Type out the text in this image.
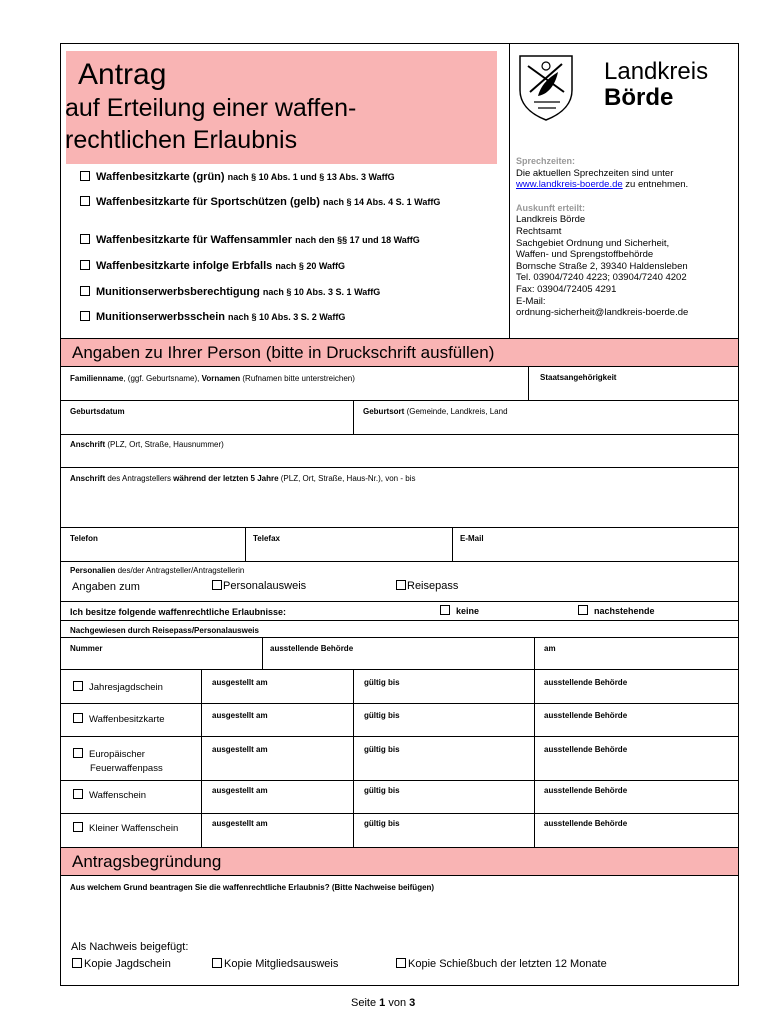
Antrag
auf Erteilung einer waffen-
rechtlichen Erlaubnis
Landkreis
Börde
Waffenbesitzkarte (grün) nach § 10 Abs. 1 und § 13 Abs. 3 WaffG
Waffenbesitzkarte für Sportschützen (gelb) nach § 14 Abs. 4 S. 1 WaffG
Waffenbesitzkarte für Waffensammler nach den §§ 17 und 18 WaffG
Waffenbesitzkarte infolge Erbfalls nach § 20 WaffG
Munitionserwerbsberechtigung nach § 10 Abs. 3 S. 1 WaffG
Munitionserwerbsschein nach § 10 Abs. 3 S. 2 WaffG
Sprechzeiten:
Die aktuellen Sprechzeiten sind unter
www.landkreis-boerde.de zu entnehmen.
Auskunft erteilt:
Landkreis Börde
Rechtsamt
Sachgebiet Ordnung und Sicherheit,
Waffen- und Sprengstoffbehörde
Bornsche Straße 2, 39340 Haldensleben
Tel. 03904/7240 4223; 03904/7240 4202
Fax: 03904/72405 4291
E-Mail:
ordnung-sicherheit@landkreis-boerde.de
Angaben zu Ihrer Person (bitte in Druckschrift ausfüllen)
Familienname, (ggf. Geburtsname), Vornamen (Rufnamen bitte unterstreichen)	Staatsangehörigkeit
Geburtsdatum	Geburtsort (Gemeinde, Landkreis, Land
Anschrift (PLZ, Ort, Straße, Hausnummer)
Anschrift des Antragstellers während der letzten 5 Jahre (PLZ, Ort, Straße, Haus-Nr.), von - bis
Telefon	Telefax	E-Mail
Personalien des/der Antragsteller/Antragstellerin
Angaben zum	Personalausweis	Reisepass
Ich besitze folgende waffenrechtliche Erlaubnisse:	keine	nachstehende
Nachgewiesen durch Reisepass/Personalausweis
Nummer	ausstellende Behörde	am
Jahresjagdschein	ausgestellt am	gültig bis	ausstellende Behörde
Waffenbesitzkarte	ausgestellt am	gültig bis	ausstellende Behörde
Europäischer
Feuerwaffenpass
ausgestellt am	gültig bis	ausstellende Behörde
Waffenschein	ausgestellt am	gültig bis	ausstellende Behörde
Kleiner Waffenschein	ausgestellt am	gültig bis	ausstellende Behörde
Antragsbegründung
Aus welchem Grund beantragen Sie die waffenrechtliche Erlaubnis? (Bitte Nachweise beifügen)
Als Nachweis beigefügt:
Kopie Jagdschein	Kopie Mitgliedsausweis	Kopie Schießbuch der letzten 12 Monate
Seite 1 von 3
